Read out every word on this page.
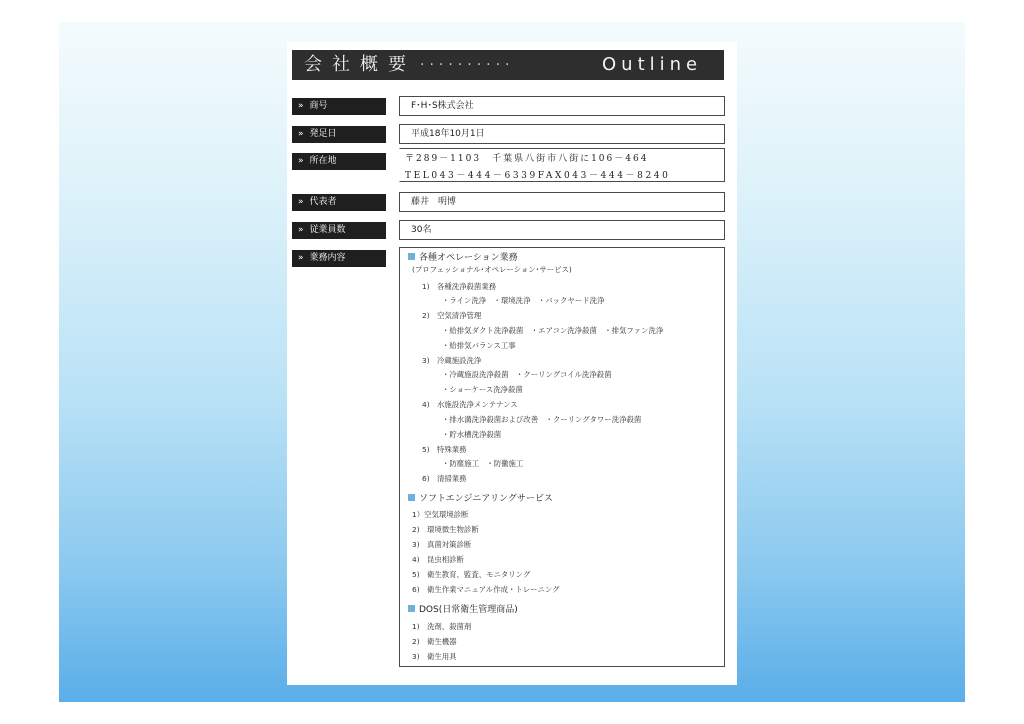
会社概要 ··········	Outline
» 商号	F･H･S株式会社
» 発足日	平成18年10月1日
» 所在地	〒289－1103　千葉県八街市八街に106－464
TEL043－444－6339FAX043－444－8240
» 代表者	藤井　明博
» 従業員数	30名
» 業務内容	各種オペレーション業務
(プロフェッショナル･オペレーション･サービス)
1)　各種洗浄殺菌業務
・ライン洗浄　・環境洗浄　・バックヤード洗浄
2)　空気清浄管理
・給排気ダクト洗浄殺菌　・エアコン洗浄殺菌　・排気ファン洗浄
・給排気バランス工事
3)　冷蔵施設洗浄
・冷蔵施設洗浄殺菌　・クーリングコイル洗浄殺菌
・ショーケース洗浄殺菌
4)　水施設洗浄メンテナンス
・排水溝洗浄殺菌および改善　・クーリングタワー洗浄殺菌
・貯水槽洗浄殺菌
5)　特殊業務
・防塵施工　・防黴施工
6)　清掃業務
ソフトエンジニアリングサービス
1）空気環境診断
2)　環境微生物診断
3)　真菌対策診断
4)　昆虫相診断
5)　衛生教育、監査、モニタリング
6)　衛生作業マニュアル作成・トレーニング
DOS(日常衛生管理商品)
1)　洗剤、殺菌剤
2)　衛生機器
3)　衛生用具
